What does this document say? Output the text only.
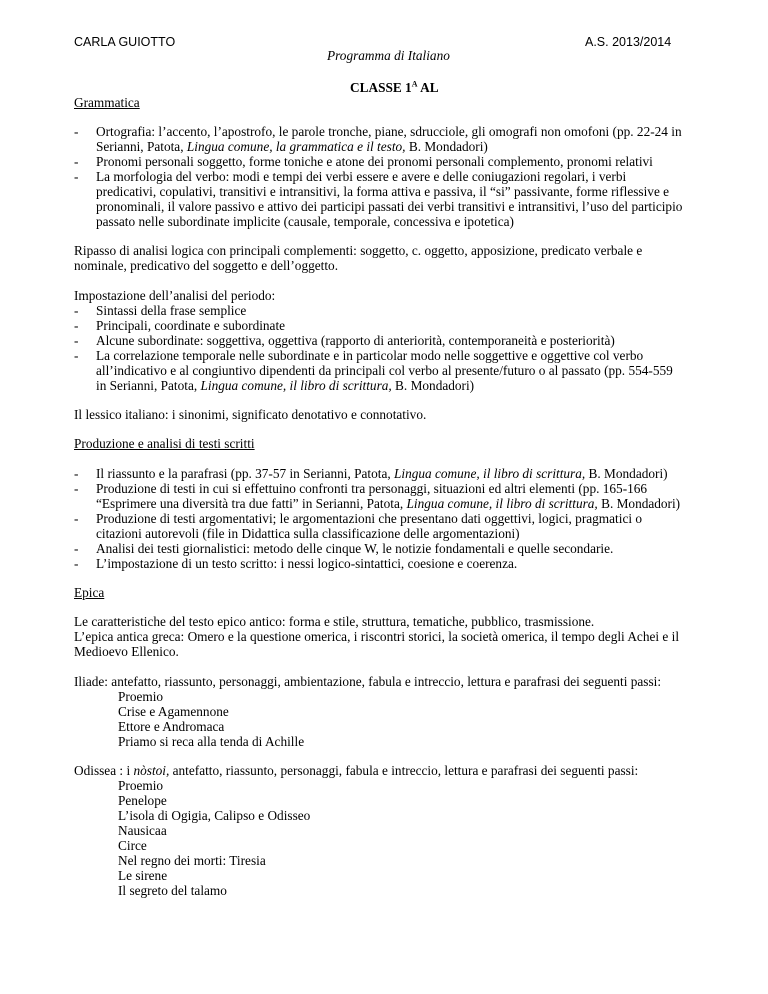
CARLA GUIOTTO	A.S. 2013/2014
Programma di Italiano
CLASSE $1^A$ AL
Grammatica
- Ortografia: l’accento, l’apostrofo, le parole tronche, piane, sdrucciole, gli omografi non omofoni (pp. 22-24 in
Serianni, Patota, Lingua comune, la grammatica e il testo, B. Mondadori)
- Pronomi personali soggetto, forme toniche e atone dei pronomi personali complemento, pronomi relativi
- La morfologia del verbo: modi e tempi dei verbi essere e avere e delle coniugazioni regolari, i verbi
predicativi, copulativi, transitivi e intransitivi, la forma attiva e passiva, il “si” passivante, forme riflessive e
pronominali, il valore passivo e attivo dei participi passati dei verbi transitivi e intransitivi, l’uso del participio
passato nelle subordinate implicite (causale, temporale, concessiva e ipotetica)
Ripasso di analisi logica con principali complementi: soggetto, c. oggetto, apposizione, predicato verbale e
nominale, predicativo del soggetto e dell’oggetto.
Impostazione dell’analisi del periodo:
- Sintassi della frase semplice
- Principali, coordinate e subordinate
- Alcune subordinate: soggettiva, oggettiva (rapporto di anteriorità, contemporaneità e posteriorità)
- La correlazione temporale nelle subordinate e in particolar modo nelle soggettive e oggettive col verbo
all’indicativo e al congiuntivo dipendenti da principali col verbo al presente/futuro o al passato (pp. 554-559
in Serianni, Patota, Lingua comune, il libro di scrittura, B. Mondadori)
Il lessico italiano: i sinonimi, significato denotativo e connotativo.
Produzione e analisi di testi scritti
- Il riassunto e la parafrasi (pp. 37-57 in Serianni, Patota, Lingua comune, il libro di scrittura, B. Mondadori)
- Produzione di testi in cui si effettuino confronti tra personaggi, situazioni ed altri elementi (pp. 165-166
“Esprimere una diversità tra due fatti” in Serianni, Patota, Lingua comune, il libro di scrittura, B. Mondadori)
- Produzione di testi argomentativi; le argomentazioni che presentano dati oggettivi, logici, pragmatici o
citazioni autorevoli (file in Didattica sulla classificazione delle argomentazioni)
- Analisi dei testi giornalistici: metodo delle cinque W, le notizie fondamentali e quelle secondarie.
- L’impostazione di un testo scritto: i nessi logico-sintattici, coesione e coerenza.
Epica
Le caratteristiche del testo epico antico: forma e stile, struttura, tematiche, pubblico, trasmissione.
L’epica antica greca: Omero e la questione omerica, i riscontri storici, la società omerica, il tempo degli Achei e il
Medioevo Ellenico.
Iliade: antefatto, riassunto, personaggi, ambientazione, fabula e intreccio, lettura e parafrasi dei seguenti passi:
Proemio
Crise e Agamennone
Ettore e Andromaca
Priamo si reca alla tenda di Achille
Odissea : i nòstoi, antefatto, riassunto, personaggi, fabula e intreccio, lettura e parafrasi dei seguenti passi:
Proemio
Penelope
L’isola di Ogigia, Calipso e Odisseo
Nausicaa
Circe
Nel regno dei morti: Tiresia
Le sirene
Il segreto del talamo
